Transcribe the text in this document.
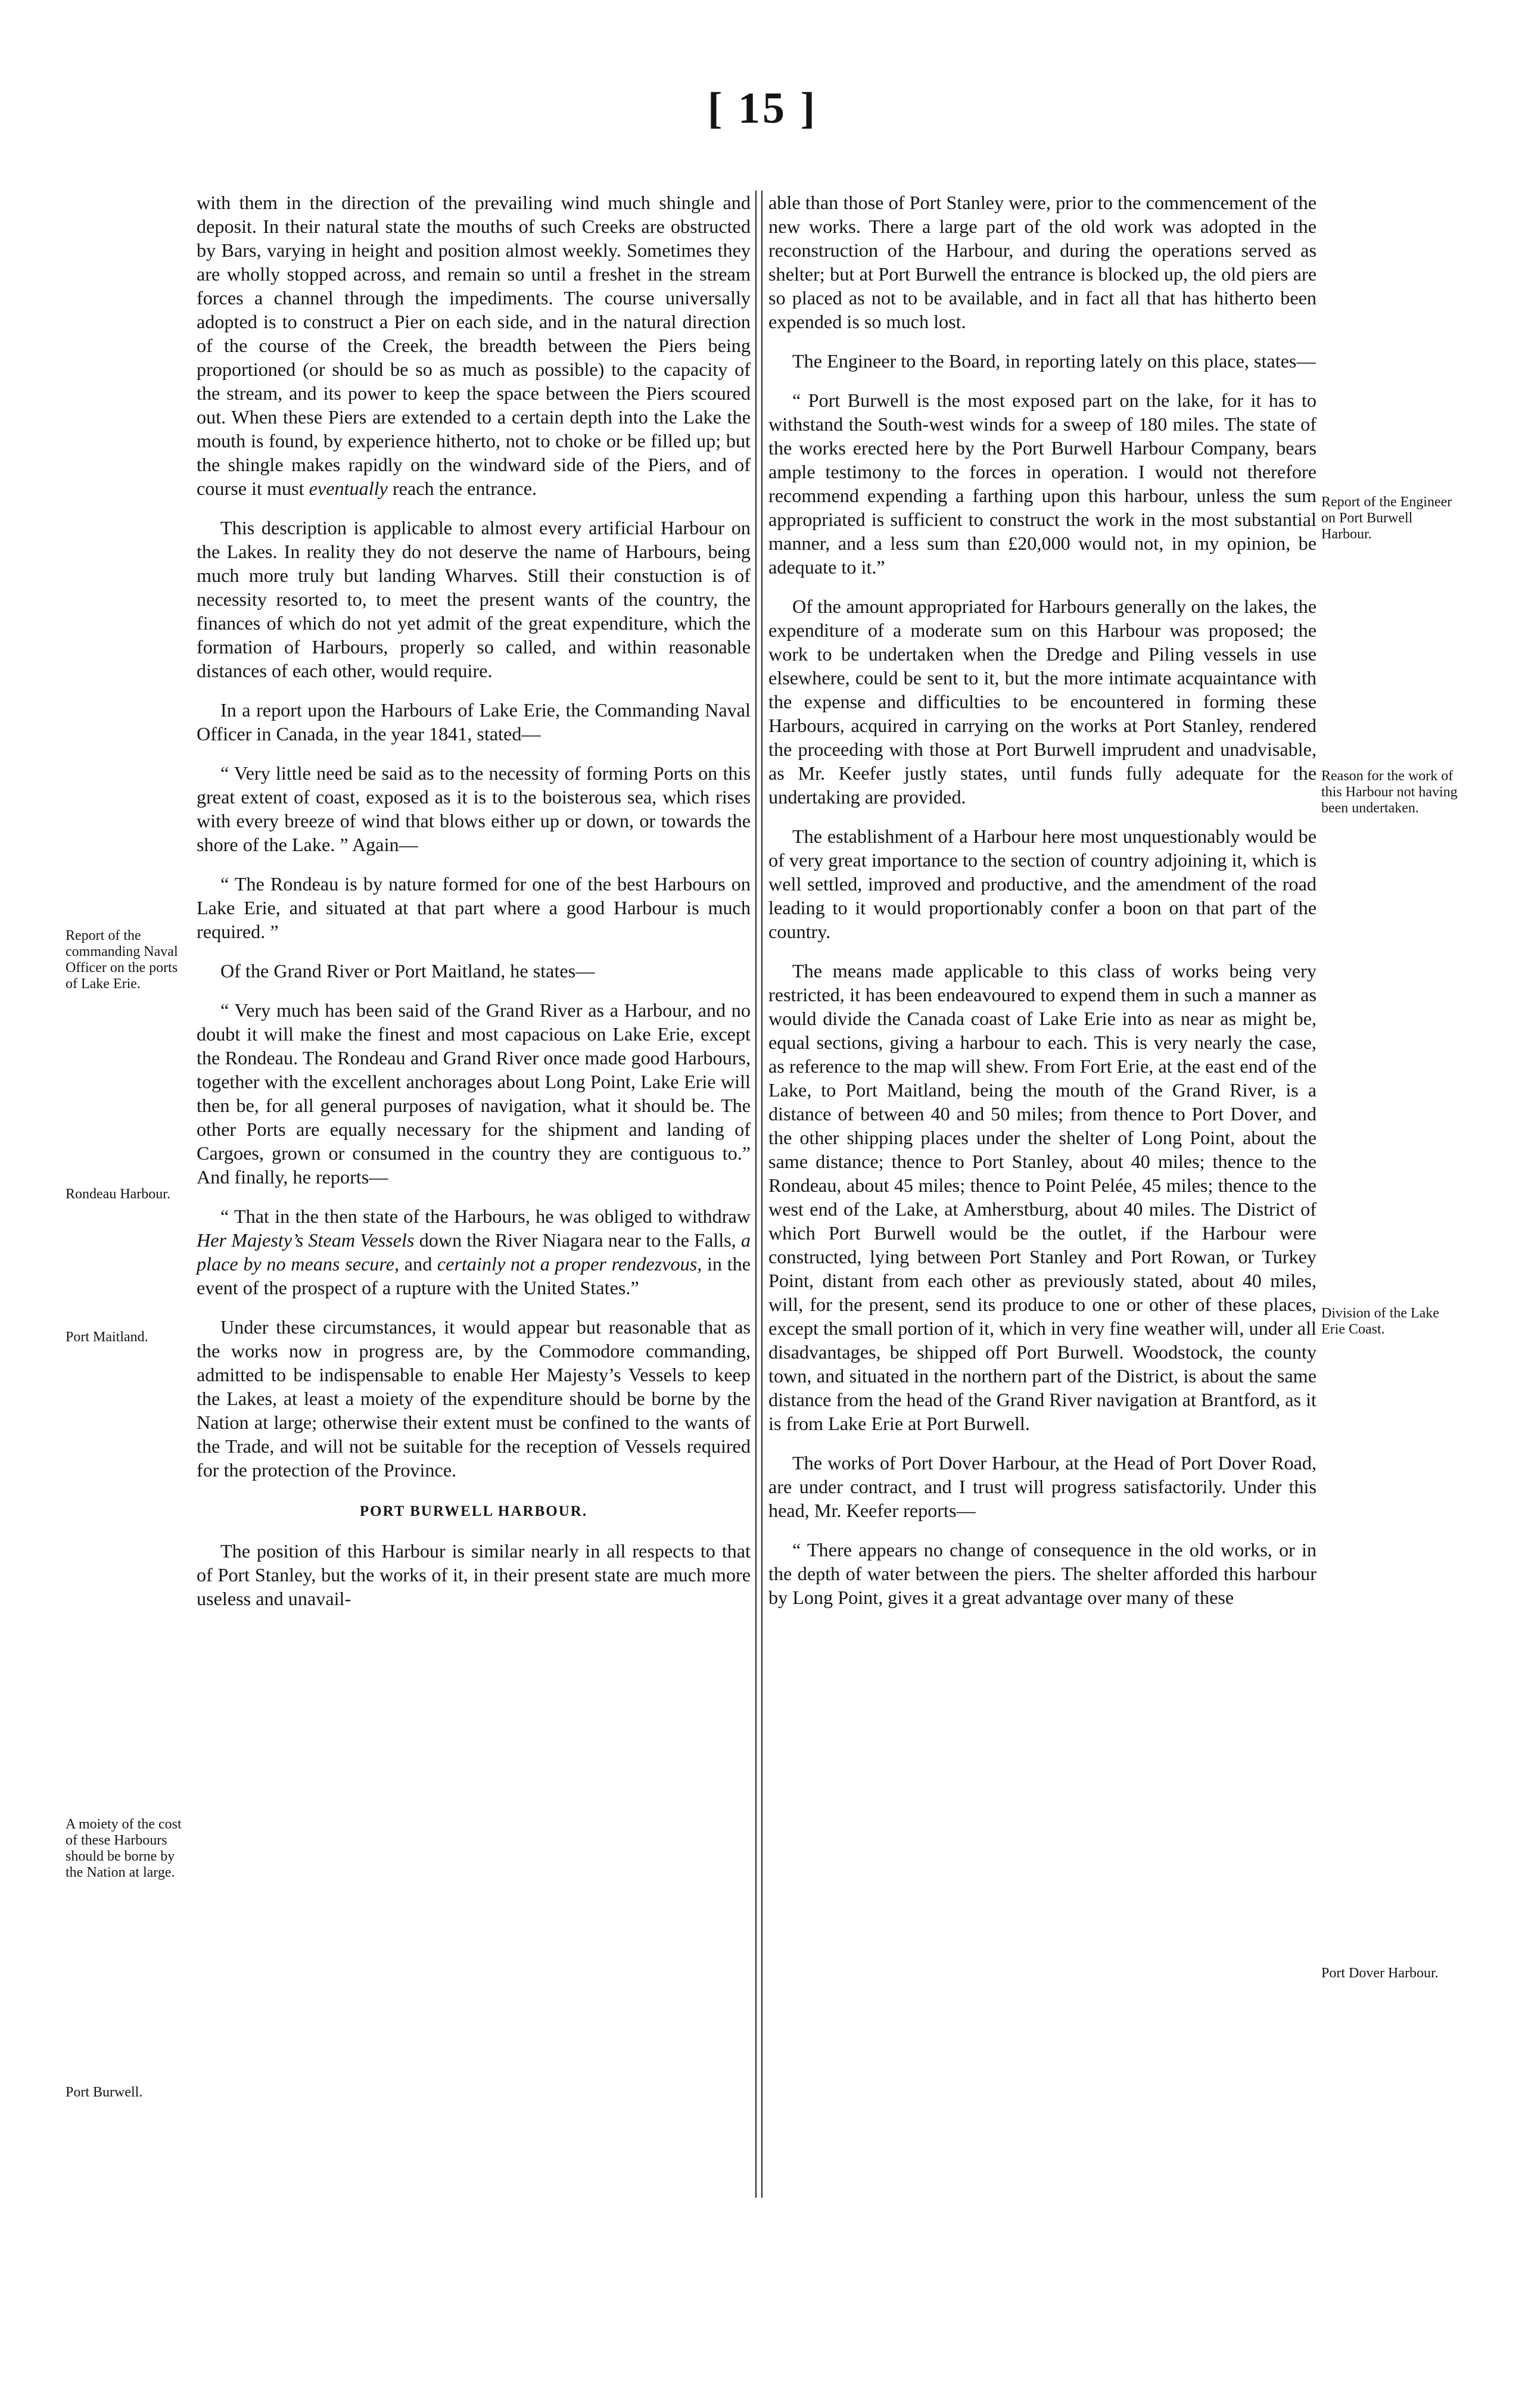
[ 15 ]

with them in the direction of the prevailing wind much shingle and deposit. In their natural state the mouths of such Creeks are obstructed by Bars, varying in height and position almost weekly. Sometimes they are wholly stopped across, and remain so until a freshet in the stream forces a channel through the impediments. The course universally adopted is to construct a Pier on each side, and in the natural direction of the course of the Creek, the breadth between the Piers being proportioned (or should be so as much as possible) to the capacity of the stream, and its power to keep the space between the Piers scoured out. When these Piers are extended to a certain depth into the Lake the mouth is found, by experience hitherto, not to choke or be filled up; but the shingle makes rapidly on the windward side of the Piers, and of course it must eventually reach the entrance.

This description is applicable to almost every artificial Harbour on the Lakes. In reality they do not deserve the name of Harbours, being much more truly but landing Wharves. Still their constuction is of necessity resorted to, to meet the present wants of the country, the finances of which do not yet admit of the great expenditure, which the formation of Harbours, properly so called, and within reasonable distances of each other, would require.

In a report upon the Harbours of Lake Erie, the Commanding Naval Officer in Canada, in the year 1841, stated—

“ Very little need be said as to the necessity of forming Ports on this great extent of coast, exposed as it is to the boisterous sea, which rises with every breeze of wind that blows either up or down, or towards the shore of the Lake. ” Again—

“ The Rondeau is by nature formed for one of the best Harbours on Lake Erie, and situated at that part where a good Harbour is much required. ”

Of the Grand River or Port Maitland, he states—

“ Very much has been said of the Grand River as a Harbour, and no doubt it will make the finest and most capacious on Lake Erie, except the Rondeau. The Rondeau and Grand River once made good Harbours, together with the excellent anchorages about Long Point, Lake Erie will then be, for all general purposes of navigation, what it should be. The other Ports are equally necessary for the shipment and landing of Cargoes, grown or consumed in the country they are contiguous to.” And finally, he reports—

“ That in the then state of the Harbours, he was obliged to withdraw Her Majesty’s Steam Vessels down the River Niagara near to the Falls, a place by no means secure, and certainly not a proper rendezvous, in the event of the prospect of a rupture with the United States.”

Under these circumstances, it would appear but reasonable that as the works now in progress are, by the Commodore commanding, admitted to be indispensable to enable Her Majesty’s Vessels to keep the Lakes, at least a moiety of the expenditure should be borne by the Nation at large; otherwise their extent must be confined to the wants of the Trade, and will not be suitable for the reception of Vessels required for the protection of the Province.

PORT BURWELL HARBOUR.

The position of this Harbour is similar nearly in all respects to that of Port Stanley, but the works of it, in their present state are much more useless and unavail-

able than those of Port Stanley were, prior to the commencement of the new works. There a large part of the old work was adopted in the reconstruction of the Harbour, and during the operations served as shelter; but at Port Burwell the entrance is blocked up, the old piers are so placed as not to be available, and in fact all that has hitherto been expended is so much lost.

The Engineer to the Board, in reporting lately on this place, states—

“ Port Burwell is the most exposed part on the lake, for it has to withstand the South-west winds for a sweep of 180 miles. The state of the works erected here by the Port Burwell Harbour Company, bears ample testimony to the forces in operation. I would not therefore recommend expending a farthing upon this harbour, unless the sum appropriated is sufficient to construct the work in the most substantial manner, and a less sum than £20,000 would not, in my opinion, be adequate to it.”

Of the amount appropriated for Harbours generally on the lakes, the expenditure of a moderate sum on this Harbour was proposed; the work to be undertaken when the Dredge and Piling vessels in use elsewhere, could be sent to it, but the more intimate acquaintance with the expense and difficulties to be encountered in forming these Harbours, acquired in carrying on the works at Port Stanley, rendered the proceeding with those at Port Burwell imprudent and unadvisable, as Mr. Keefer justly states, until funds fully adequate for the undertaking are provided.

The establishment of a Harbour here most unquestionably would be of very great importance to the section of country adjoining it, which is well settled, improved and productive, and the amendment of the road leading to it would proportionably confer a boon on that part of the country.

The means made applicable to this class of works being very restricted, it has been endeavoured to expend them in such a manner as would divide the Canada coast of Lake Erie into as near as might be, equal sections, giving a harbour to each. This is very nearly the case, as reference to the map will shew. From Fort Erie, at the east end of the Lake, to Port Maitland, being the mouth of the Grand River, is a distance of between 40 and 50 miles; from thence to Port Dover, and the other shipping places under the shelter of Long Point, about the same distance; thence to Port Stanley, about 40 miles; thence to the Rondeau, about 45 miles; thence to Point Pelée, 45 miles; thence to the west end of the Lake, at Amherstburg, about 40 miles. The District of which Port Burwell would be the outlet, if the Harbour were constructed, lying between Port Stanley and Port Rowan, or Turkey Point, distant from each other as previously stated, about 40 miles, will, for the present, send its produce to one or other of these places, except the small portion of it, which in very fine weather will, under all disadvantages, be shipped off Port Burwell. Woodstock, the county town, and situated in the northern part of the District, is about the same distance from the head of the Grand River navigation at Brantford, as it is from Lake Erie at Port Burwell.

The works of Port Dover Harbour, at the Head of Port Dover Road, are under contract, and I trust will progress satisfactorily. Under this head, Mr. Keefer reports—

“ There appears no change of consequence in the old works, or in the depth of water between the piers. The shelter afforded this harbour by Long Point, gives it a great advantage over many of these

Report of the commanding Naval Officer on the ports of Lake Erie.
Rondeau Harbour.
Port Maitland.
A moiety of the cost of these Harbours should be borne by the Nation at large.
Port Burwell.
Report of the Engineer on Port Burwell Harbour.
Reason for the work of this Harbour not having been undertaken.
Division of the Lake Erie Coast.
Port Dover Harbour.
